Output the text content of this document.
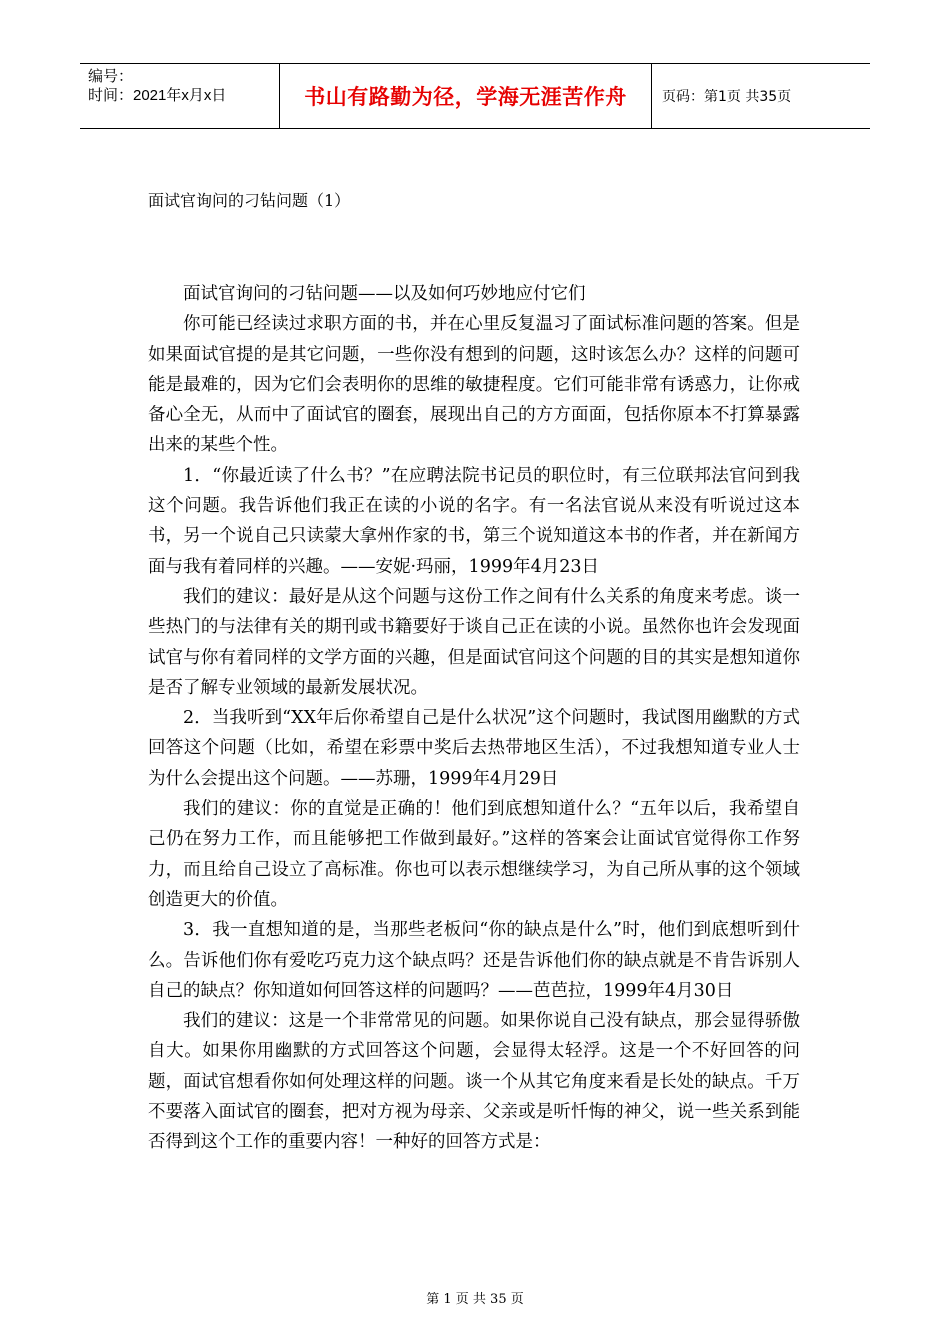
编号：
时间：2021年x月x日	书山有路勤为径，学海无涯苦作舟	页码：第1页 共35页
面试官询问的刁钻问题（1）

面试官询问的刁钻问题——以及如何巧妙地应付它们

你可能已经读过求职方面的书，并在心里反复温习了面试标准问题的答案。但是如果面试官提的是其它问题，一些你没有想到的问题，这时该怎么办？这样的问题可能是最难的，因为它们会表明你的思维的敏捷程度。它们可能非常有诱惑力，让你戒备心全无，从而中了面试官的圈套，展现出自己的方方面面，包括你原本不打算暴露出来的某些个性。

1．“你最近读了什么书？”在应聘法院书记员的职位时，有三位联邦法官问到我这个问题。我告诉他们我正在读的小说的名字。有一名法官说从来没有听说过这本书，另一个说自己只读蒙大拿州作家的书，第三个说知道这本书的作者，并在新闻方面与我有着同样的兴趣。——安妮·玛丽，1999年4月23日

我们的建议：最好是从这个问题与这份工作之间有什么关系的角度来考虑。谈一些热门的与法律有关的期刊或书籍要好于谈自己正在读的小说。虽然你也许会发现面试官与你有着同样的文学方面的兴趣，但是面试官问这个问题的目的其实是想知道你是否了解专业领域的最新发展状况。

2．当我听到“XX年后你希望自己是什么状况”这个问题时，我试图用幽默的方式回答这个问题（比如，希望在彩票中奖后去热带地区生活），不过我想知道专业人士为什么会提出这个问题。——苏珊，1999年4月29日

我们的建议：你的直觉是正确的！他们到底想知道什么？“五年以后，我希望自己仍在努力工作，而且能够把工作做到最好。”这样的答案会让面试官觉得你工作努力，而且给自己设立了高标准。你也可以表示想继续学习，为自己所从事的这个领域创造更大的价值。

3．我一直想知道的是，当那些老板问“你的缺点是什么”时，他们到底想听到什么。告诉他们你有爱吃巧克力这个缺点吗？还是告诉他们你的缺点就是不肯告诉别人自己的缺点？你知道如何回答这样的问题吗？——芭芭拉，1999年4月30日

我们的建议：这是一个非常常见的问题。如果你说自己没有缺点，那会显得骄傲自大。如果你用幽默的方式回答这个问题，会显得太轻浮。这是一个不好回答的问题，面试官想看你如何处理这样的问题。谈一个从其它角度来看是长处的缺点。千万不要落入面试官的圈套，把对方视为母亲、父亲或是听忏悔的神父，说一些关系到能否得到这个工作的重要内容！一种好的回答方式是：

第 1 页 共 35 页
